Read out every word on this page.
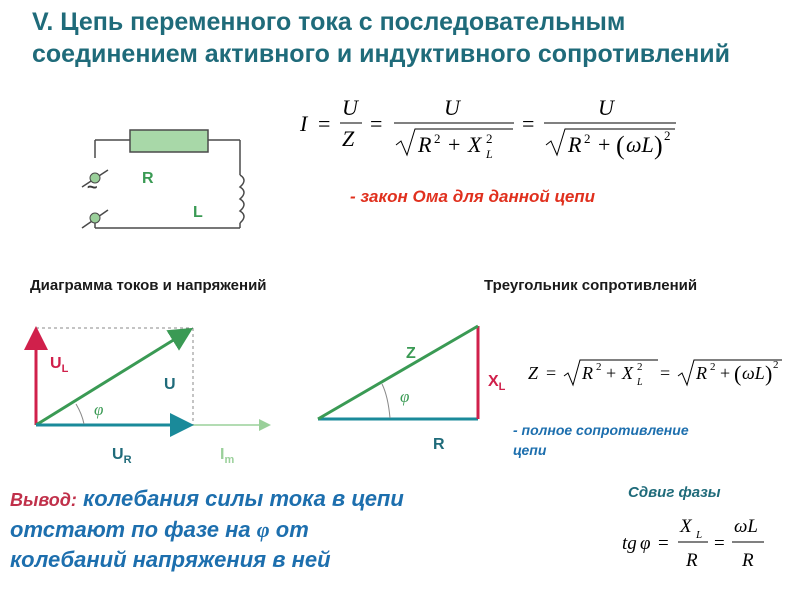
V. Цепь переменного тока с последовательным соединением активного и индуктивного сопротивлений
~	R
L
I =
U
Z
=
U
R 2 + X 2
L
=
U
R 2 + ( ωL ) 2
- закон Ома для данной цепи
Диаграмма токов и напряжений	Треугольник сопротивлений
$U_L$
U
φ
$U_R$	$I_m$
Z
φ
$X_L$
R
Z = R 2 + X 2
L = R 2 + ( ωL ) 2
- полное сопротивление
цепи
Вывод: колебания силы тока в цепи
отстают по фазе на φ от
колебаний напряжения в ней
Сдвиг фазы
tg φ =
X L
R
=
ωL
R
